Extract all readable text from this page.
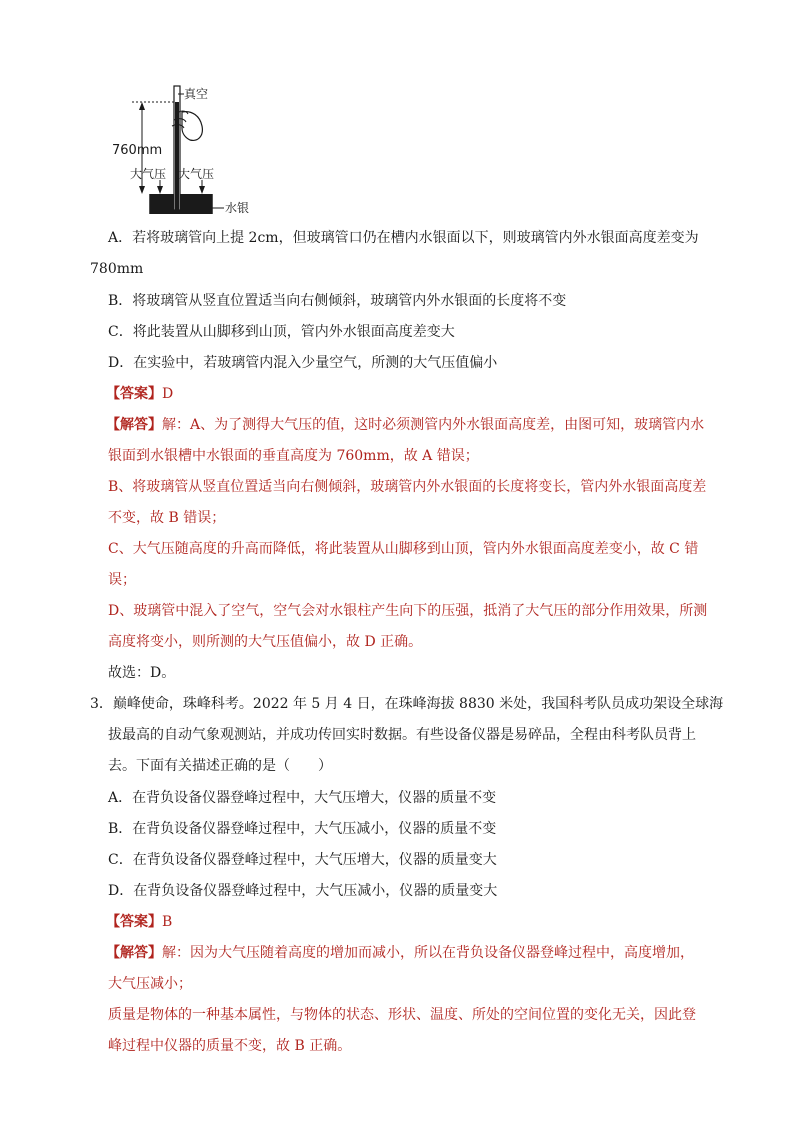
真空
760mm
大气压 大气压
水银
A．若将玻璃管向上提 2cm，但玻璃管口仍在槽内水银面以下，则玻璃管内外水银面高度差变为
780mm
B．将玻璃管从竖直位置适当向右侧倾斜，玻璃管内外水银面的长度将不变
C．将此装置从山脚移到山顶，管内外水银面高度差变大
D．在实验中，若玻璃管内混入少量空气，所测的大气压值偏小
【答案】D
【解答】解：A、为了测得大气压的值，这时必须测管内外水银面高度差，由图可知，玻璃管内水
银面到水银槽中水银面的垂直高度为 760mm，故 A 错误；
B、将玻璃管从竖直位置适当向右侧倾斜，玻璃管内外水银面的长度将变长，管内外水银面高度差
不变，故 B 错误；
C、大气压随高度的升高而降低，将此装置从山脚移到山顶，管内外水银面高度差变小，故 C 错
误；
D、玻璃管中混入了空气，空气会对水银柱产生向下的压强，抵消了大气压的部分作用效果，所测
高度将变小，则所测的大气压值偏小，故 D 正确。
故选：D。
3．巅峰使命，珠峰科考。2022 年 5 月 4 日，在珠峰海拔 8830 米处，我国科考队员成功架设全球海
拔最高的自动气象观测站，并成功传回实时数据。有些设备仪器是易碎品，全程由科考队员背上
去。下面有关描述正确的是（　　）
A．在背负设备仪器登峰过程中，大气压增大，仪器的质量不变
B．在背负设备仪器登峰过程中，大气压减小，仪器的质量不变
C．在背负设备仪器登峰过程中，大气压增大，仪器的质量变大
D．在背负设备仪器登峰过程中，大气压减小，仪器的质量变大
【答案】B
【解答】解：因为大气压随着高度的增加而减小，所以在背负设备仪器登峰过程中，高度增加，
大气压减小；
质量是物体的一种基本属性，与物体的状态、形状、温度、所处的空间位置的变化无关，因此登
峰过程中仪器的质量不变，故 B 正确。
